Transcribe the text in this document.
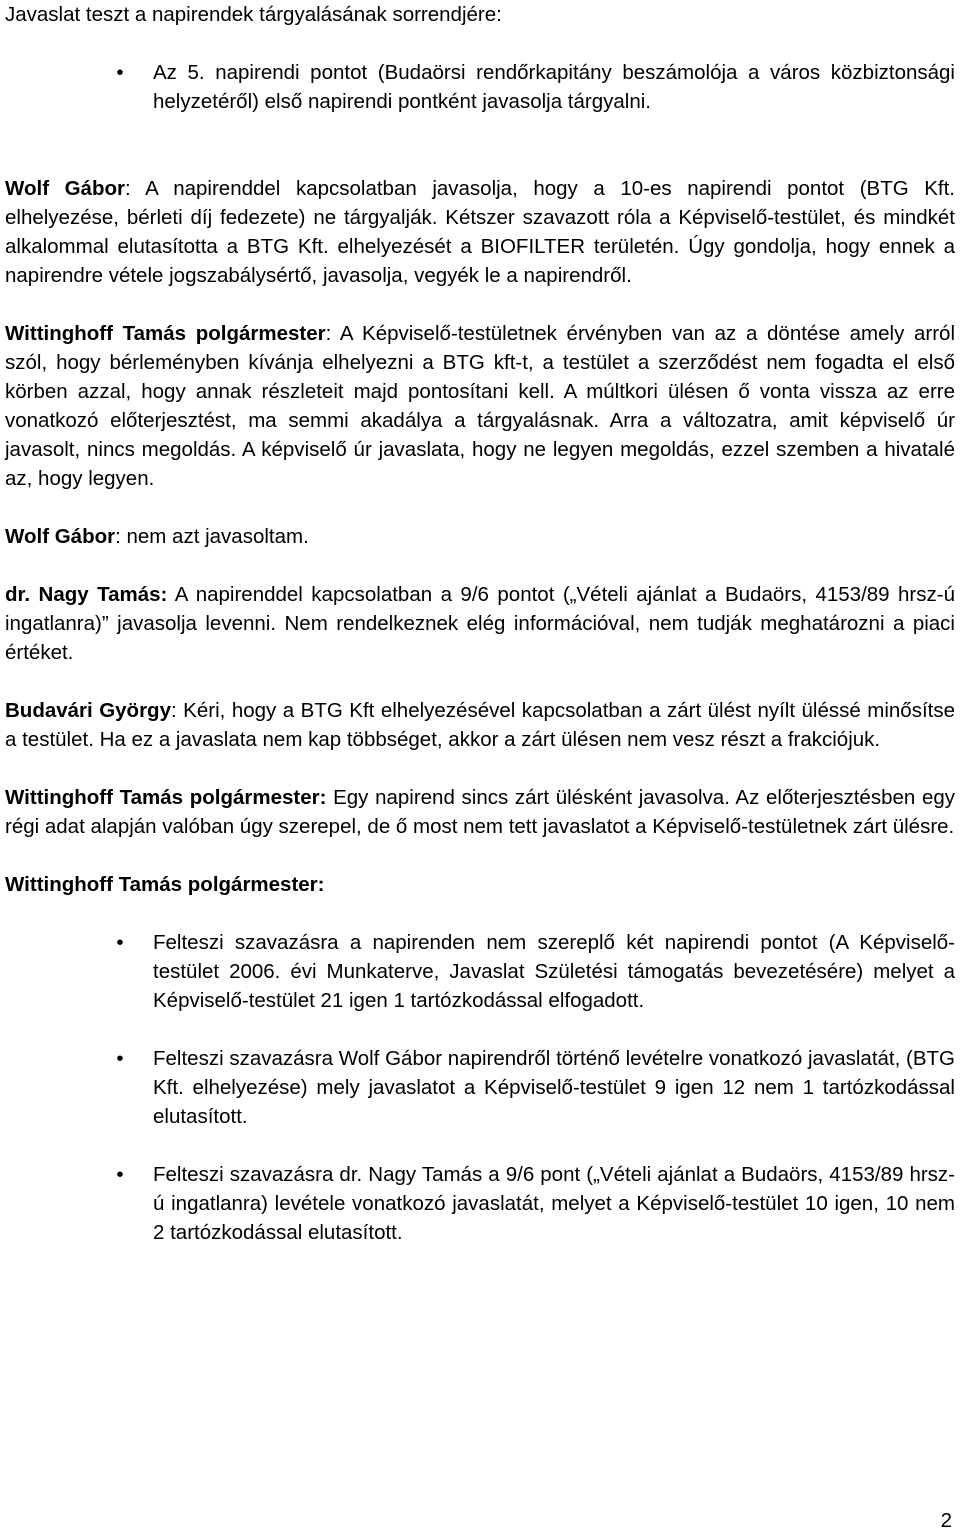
Javaslat teszt a napirendek tárgyalásának sorrendjére:

•	Az 5. napirendi pontot (Budaörsi rendőrkapitány beszámolója a város közbiztonsági helyzetéről) első napirendi pontként javasolja tárgyalni.

Wolf Gábor: A napirenddel kapcsolatban javasolja, hogy a 10-es napirendi pontot (BTG Kft. elhelyezése, bérleti díj fedezete) ne tárgyalják. Kétszer szavazott róla a Képviselő-testület, és mindkét alkalommal elutasította a BTG Kft. elhelyezését a BIOFILTER területén. Úgy gondolja, hogy ennek a napirendre vétele jogszabálysértő, javasolja, vegyék le a napirendről.

Wittinghoff Tamás polgármester: A Képviselő-testületnek érvényben van az a döntése amely arról szól, hogy bérleményben kívánja elhelyezni a BTG kft-t, a testület a szerződést nem fogadta el első körben azzal, hogy annak részleteit majd pontosítani kell. A múltkori ülésen ő vonta vissza az erre vonatkozó előterjesztést, ma semmi akadálya a tárgyalásnak. Arra a változatra, amit képviselő úr javasolt, nincs megoldás. A képviselő úr javaslata, hogy ne legyen megoldás, ezzel szemben a hivatalé az, hogy legyen.

Wolf Gábor: nem azt javasoltam.

dr. Nagy Tamás: A napirenddel kapcsolatban a 9/6 pontot („Vételi ajánlat a Budaörs, 4153/89 hrsz-ú ingatlanra)” javasolja levenni. Nem rendelkeznek elég információval, nem tudják meghatározni a piaci értéket.

Budavári György: Kéri, hogy a BTG Kft elhelyezésével kapcsolatban a zárt ülést nyílt üléssé minősítse a testület. Ha ez a javaslata nem kap többséget, akkor a zárt ülésen nem vesz részt a frakciójuk.

Wittinghoff Tamás polgármester: Egy napirend sincs zárt ülésként javasolva. Az előterjesztésben egy régi adat alapján valóban úgy szerepel, de ő most nem tett javaslatot a Képviselő-testületnek zárt ülésre.

Wittinghoff Tamás polgármester:

•	Felteszi szavazásra a napirenden nem szereplő két napirendi pontot (A Képviselő-testület 2006. évi Munkaterve, Javaslat Születési támogatás bevezetésére) melyet a Képviselő-testület 21 igen 1 tartózkodással elfogadott.
•	Felteszi szavazásra Wolf Gábor napirendről történő levételre vonatkozó javaslatát, (BTG Kft. elhelyezése) mely javaslatot a Képviselő-testület 9 igen 12 nem 1 tartózkodással elutasított.
•	Felteszi szavazásra dr. Nagy Tamás a 9/6 pont („Vételi ajánlat a Budaörs, 4153/89 hrsz-ú ingatlanra) levétele vonatkozó javaslatát, melyet a Képviselő-testület 10 igen, 10 nem 2 tartózkodással elutasított.
2
